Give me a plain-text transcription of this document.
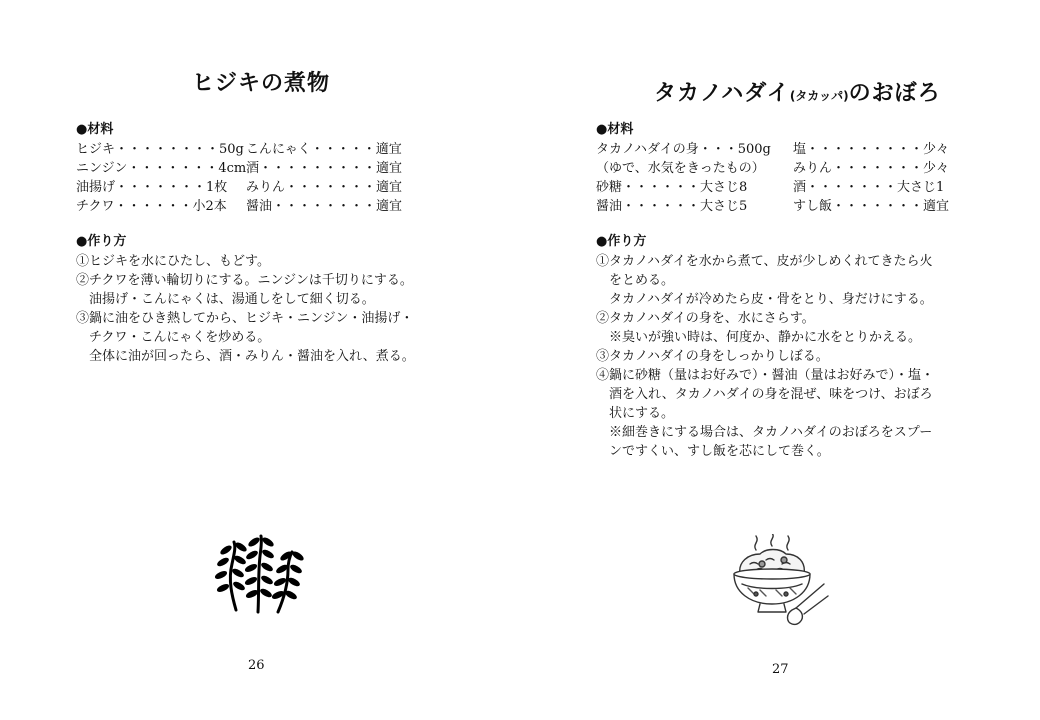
ヒジキの煮物
●材料
ヒジキ・・・・・・・・50g こんにゃく・・・・・適宜
ニンジン・・・・・・・4cm 酒・・・・・・・・・適宜
油揚げ・・・・・・・1枚	みりん・・・・・・・適宜
チクワ・・・・・・小2本	醤油・・・・・・・・適宜
●作り方
①ヒジキを水にひたし、もどす。
②チクワを薄い輪切りにする。ニンジンは千切りにする。
油揚げ・こんにゃくは、湯通しをして細く切る。
③鍋に油をひき熱してから、ヒジキ・ニンジン・油揚げ・
チクワ・こんにゃくを炒める。
全体に油が回ったら、酒・みりん・醤油を入れ、煮る。
26
タカノハダイ(タカッパ)のおぼろ
●材料
タカノハダイの身・・・500g	塩・・・・・・・・・少々
（ゆで、水気をきったもの）	みりん・・・・・・・少々
砂糖・・・・・・大さじ8	酒・・・・・・・大さじ1
醤油・・・・・・大さじ5	すし飯・・・・・・・適宜
●作り方
①タカノハダイを水から煮て、皮が少しめくれてきたら火
をとめる。
タカノハダイが冷めたら皮・骨をとり、身だけにする。
②タカノハダイの身を、水にさらす。
※臭いが強い時は、何度か、静かに水をとりかえる。
③タカノハダイの身をしっかりしぼる。
④鍋に砂糖（量はお好みで）・醤油（量はお好みで）・塩・
酒を入れ、タカノハダイの身を混ぜ、味をつけ、おぼろ
状にする。
※細巻きにする場合は、タカノハダイのおぼろをスプー
ンですくい、すし飯を芯にして巻く。
27
